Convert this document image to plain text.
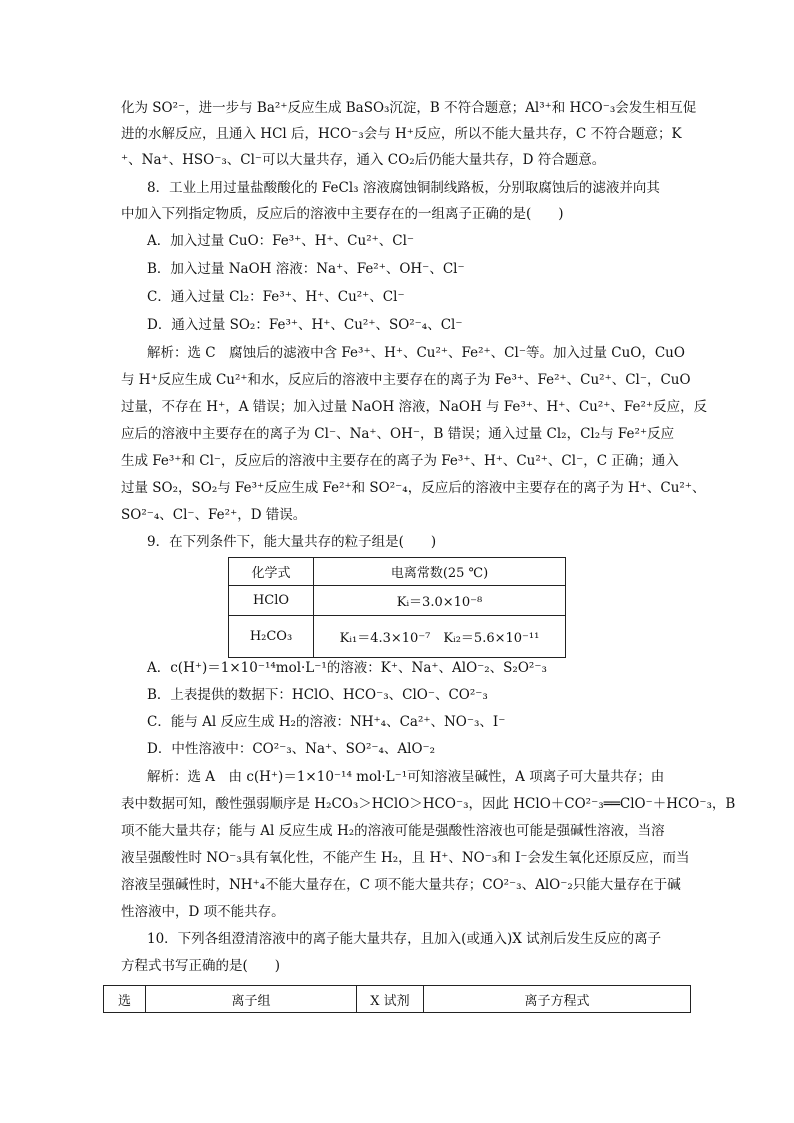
化为 SO²⁻，进一步与 Ba²⁺反应生成 BaSO₃沉淀，B 不符合题意；Al³⁺和 HCO⁻₃会发生相互促
进的水解反应，且通入 HCl 后，HCO⁻₃会与 H⁺反应，所以不能大量共存，C 不符合题意；K
⁺、Na⁺、HSO⁻₃、Cl⁻可以大量共存，通入 CO₂后仍能大量共存，D 符合题意。
8．工业上用过量盐酸酸化的 FeCl₃ 溶液腐蚀铜制线路板，分别取腐蚀后的滤液并向其
中加入下列指定物质，反应后的溶液中主要存在的一组离子正确的是(　　)
A．加入过量 CuO：Fe³⁺、H⁺、Cu²⁺、Cl⁻
B．加入过量 NaOH 溶液：Na⁺、Fe²⁺、OH⁻、Cl⁻
C．通入过量 Cl₂：Fe³⁺、H⁺、Cu²⁺、Cl⁻
D．通入过量 SO₂：Fe³⁺、H⁺、Cu²⁺、SO²⁻₄、Cl⁻
解析：选 C　腐蚀后的滤液中含 Fe³⁺、H⁺、Cu²⁺、Fe²⁺、Cl⁻等。加入过量 CuO，CuO
与 H⁺反应生成 Cu²⁺和水，反应后的溶液中主要存在的离子为 Fe³⁺、Fe²⁺、Cu²⁺、Cl⁻，CuO
过量，不存在 H⁺，A 错误；加入过量 NaOH 溶液，NaOH 与 Fe³⁺、H⁺、Cu²⁺、Fe²⁺反应，反
应后的溶液中主要存在的离子为 Cl⁻、Na⁺、OH⁻，B 错误；通入过量 Cl₂，Cl₂与 Fe²⁺反应
生成 Fe³⁺和 Cl⁻，反应后的溶液中主要存在的离子为 Fe³⁺、H⁺、Cu²⁺、Cl⁻，C 正确；通入
过量 SO₂，SO₂与 Fe³⁺反应生成 Fe²⁺和 SO²⁻₄，反应后的溶液中主要存在的离子为 H⁺、Cu²⁺、
SO²⁻₄、Cl⁻、Fe²⁺，D 错误。
9．在下列条件下，能大量共存的粒子组是(　　)
化学式	电离常数(25 ℃)
HClO	Kᵢ＝3.0×10⁻⁸
H₂CO₃	Kᵢ₁＝4.3×10⁻⁷　Kᵢ₂＝5.6×10⁻¹¹
A．c(H⁺)＝1×10⁻¹⁴mol·L⁻¹的溶液：K⁺、Na⁺、AlO⁻₂、S₂O²⁻₃
B．上表提供的数据下：HClO、HCO⁻₃、ClO⁻、CO²⁻₃
C．能与 Al 反应生成 H₂的溶液：NH⁺₄、Ca²⁺、NO⁻₃、I⁻
D．中性溶液中：CO²⁻₃、Na⁺、SO²⁻₄、AlO⁻₂
解析：选 A　由 c(H⁺)＝1×10⁻¹⁴ mol·L⁻¹可知溶液呈碱性，A 项离子可大量共存；由
表中数据可知，酸性强弱顺序是 H₂CO₃＞HClO＞HCO⁻₃，因此 HClO＋CO²⁻₃══ClO⁻＋HCO⁻₃，B
项不能大量共存；能与 Al 反应生成 H₂的溶液可能是强酸性溶液也可能是强碱性溶液，当溶
液呈强酸性时 NO⁻₃具有氧化性，不能产生 H₂，且 H⁺、NO⁻₃和 I⁻会发生氧化还原反应，而当
溶液呈强碱性时，NH⁺₄不能大量存在，C 项不能大量共存；CO²⁻₃、AlO⁻₂只能大量存在于碱
性溶液中，D 项不能共存。
10．下列各组澄清溶液中的离子能大量共存，且加入(或通入)X 试剂后发生反应的离子
方程式书写正确的是(　　)
选	离子组	X 试剂	离子方程式
